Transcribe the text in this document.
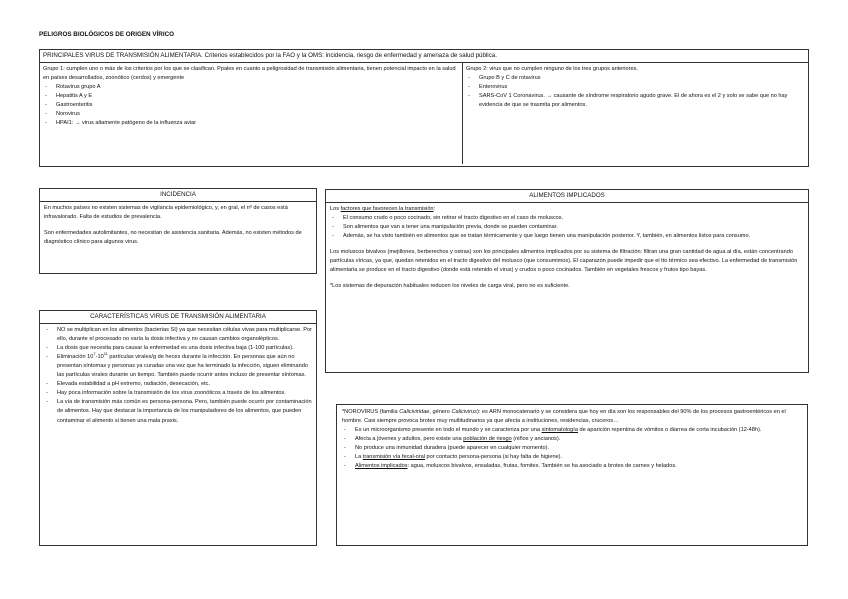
PELIGROS BIOLÓGICOS DE ORIGEN VÍRICO
PRINCIPALES VIRUS DE TRANSMISIÓN ALIMENTARIA. Criterios establecidos por la FAO y la OMS: incidencia, riesgo de enfermedad y amenaza de salud pública.

Grupo 1: cumplen uno o más de los criterios por los que se clasifican. Ppales en cuanto a peligrosidad de transmisión alimentaria, tienen potencial impacto en la salud en países desarrollados, zoonótico (cerdos) y emergente

- Rotavirus grupo A
- Hepatitis A y E
- Gastroenteritis
- Norovirus
- HPAI1: → virus altamente patógeno de la influenza aviar

Grupo 2: virus que no cumplen ninguno de los tres grupos anteriores.

- Grupo B y C de rotavirus
- Enterovirus
- SARS-CoV 1 Coronavirus. → causante de síndrome respiratorio agudo grave. El de ahora es el 2 y solo se sabe que no hay evidencia de que se trasmita por alimentos.
INCIDENCIA

En muchos países no existen sistemas de vigilancia epidemiológico, y, en gral, el nº de casos está infravalorado. Falta de estudios de prevalencia.

Son enfermedades autolimitantes, no necesitan de asistencia sanitaria. Además, no existen métodos de diagnóstico clínico para algunos virus.

CARACTERÍSTICAS VIRUS DE TRANSMISIÓN ALIMENTARIA
- NO se multiplican en los alimentos (bacterias SI) ya que necesitan células vivas para multiplicarse. Por ello, durante el procesado no varía la dosis infectiva y no causan cambios organolépticos.
- La dosis que necesita para causar la enfermedad es una dosis infectiva baja (1-100 partículas).
- Eliminación $10^7-10^{11}$ partículas virales/g de heces durante la infección. En personas que aún no presentan síntomas y personas ya curadas una vez que ha terminado la infección, siguen eliminando las partículas virales durante un tiempo. También puede ocurrir antes incluso de presentar síntomas.
- Elevada estabilidad a pH extremo, radiación, desecación, etc.
- Hay poca información sobre la transmisión de los virus zoonóticos a través de los alimentos.
- La vía de transmisión más común es persona-persona. Pero, también puede ocurrir por contaminación de alimentos. Hay que destacar la importancia de los manipuladores de los alimentos, que pueden contaminar el alimento si tienen una mala praxis.
ALIMENTOS IMPLICADOS

Los factores que favorecen la transmisión:

- El consumo crudo o poco cocinado, sin retirar el tracto digestivo en el caso de moluscos.
- Son alimentos que van a tener una manipulación previa, donde se pueden contaminar.
- Además, se ha visto también en alimentos que se tratan térmicamente y que luego tienen una manipulación posterior. Y, también, en alimentos listos para consumo.

Los moluscos bivalvos (mejillones, berberechos y ostras) son los principales alimentos implicados por su sistema de filtración: filtran una gran cantidad de agua al día, están concentrando partículas víricas, ya que, quedan retenidos en el tracto digestivo del molusco (que consumimos). El caparazón puede impedir que el tto térmico sea efectivo. La enfermedad de transmisión alimentaria se produce en el tracto digestivo (donde está retenido el virus) y crudos o poco cocinados. También en vegetales frescos y frutos tipo bayas.

*Los sistemas de depuración habituales reducen los niveles de carga viral, pero no es suficiente.

*NOROVIRUS (familia Caliciviridae, género Calicivirus): es ARN monocatenario y se considera que hoy en día son los responsables del 90% de los procesos gastroentéricos en el hombre. Casi siempre provoca brotes muy multitudinarios ya que afecta a instituciones, residencias, cruceros…

- Es un microorganismo presente en todo el mundo y se caracteriza por una sintomatología de aparición repentina de vómitos o diarrea de corta incubación (12-48h).
- Afecta a jóvenes y adultos, pero existe una población de riesgo (niños y ancianos).
- No produce una inmunidad duradera (puede aparecer en cualquier momento).
- La transmisión vía fecal-oral por contacto persona-persona (si hay falta de higiene).
- Alimentos implicados: agua, moluscos bivalvos, ensaladas, frutas, fomites. También se ha asociado a brotes de carnes y helados.
